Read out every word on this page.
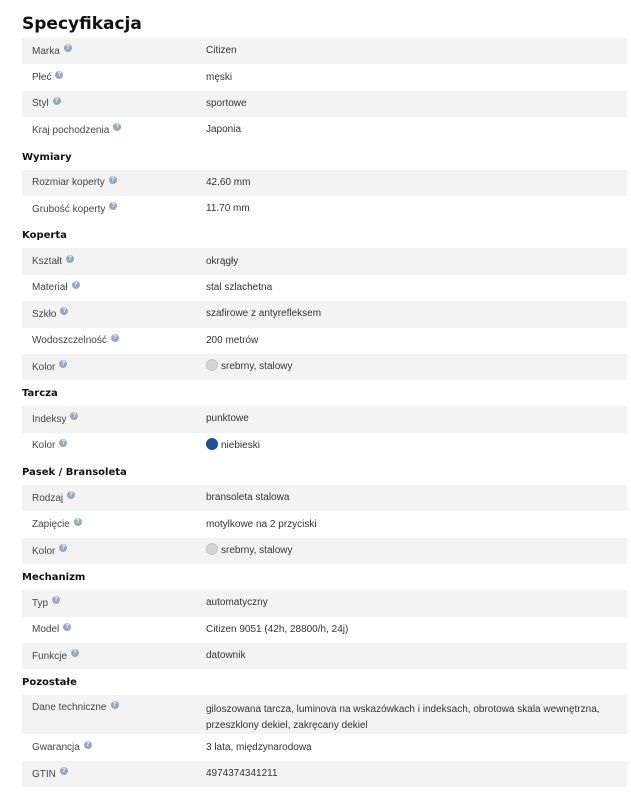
Specyfikacja
Marka	?	Citizen
Płeć	?	męski
Styl	?	sportowe
Kraj pochodzenia	?	Japonia
Wymiary
Rozmiar koperty	?	42.60 mm
Grubość koperty	?	11.70 mm
Koperta
Kształt	?	okrągły
Materiał	?	stal szlachetna
Szkło	?	szafirowe z antyrefleksem
Wodoszczelność	?	200 metrów
Kolor	?	srebrny, stalowy
Tarcza
Indeksy	?	punktowe
Kolor	?	niebieski
Pasek / Bransoleta
Rodzaj	?	bransoleta stalowa
Zapięcie	?	motylkowe na 2 przyciski
Kolor	?	srebrny, stalowy
Mechanizm
Typ	?	automatyczny
Model	?	Citizen 9051 (42h, 28800/h, 24j)
Funkcje	?	datownik
Pozostałe
Dane techniczne	?	giloszowana tarcza, luminova na wskazówkach i indeksach, obrotowa skala wewnętrzna, przeszklony dekiel, zakręcany dekiel
Gwarancja	?	3 lata, międzynarodowa
GTIN	?	4974374341211
